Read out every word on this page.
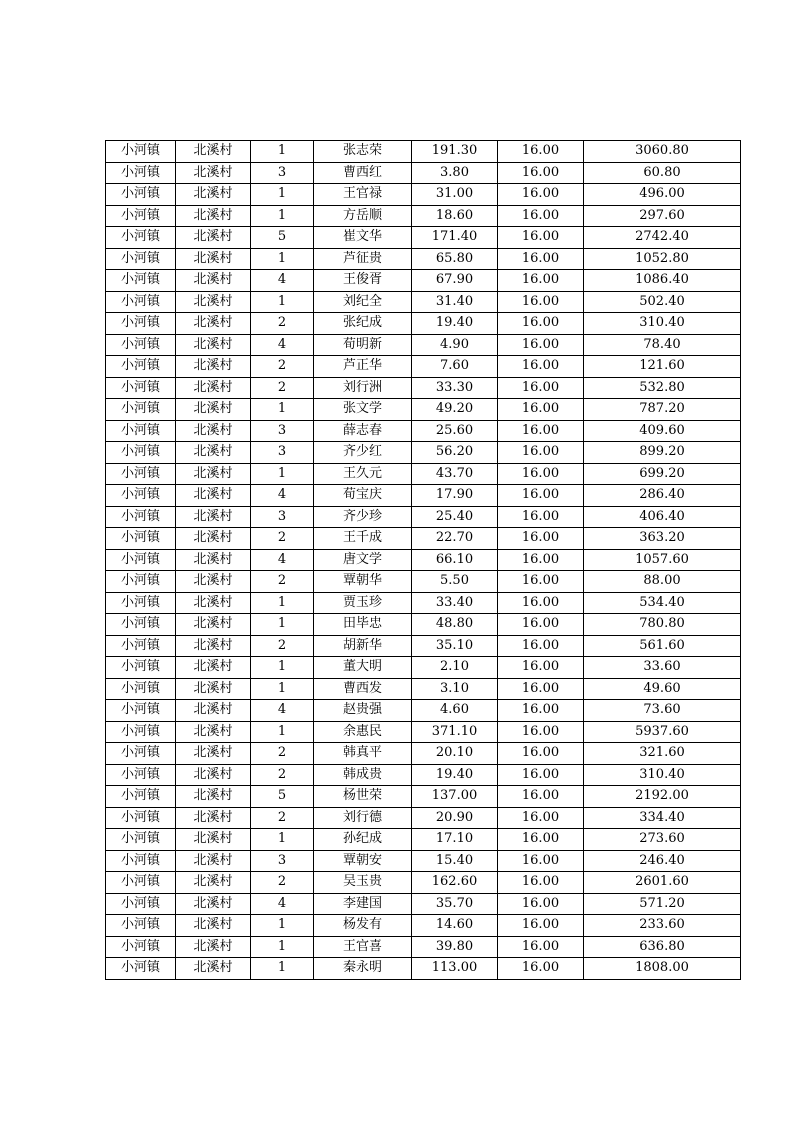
小河镇	北溪村	1	张志荣	191.30	16.00	3060.80
小河镇	北溪村	3	曹西红	3.80	16.00	60.80
小河镇	北溪村	1	王官禄	31.00	16.00	496.00
小河镇	北溪村	1	方岳顺	18.60	16.00	297.60
小河镇	北溪村	5	崔文华	171.40	16.00	2742.40
小河镇	北溪村	1	芦征贵	65.80	16.00	1052.80
小河镇	北溪村	4	王俊胥	67.90	16.00	1086.40
小河镇	北溪村	1	刘纪全	31.40	16.00	502.40
小河镇	北溪村	2	张纪成	19.40	16.00	310.40
小河镇	北溪村	4	荀明新	4.90	16.00	78.40
小河镇	北溪村	2	芦正华	7.60	16.00	121.60
小河镇	北溪村	2	刘行洲	33.30	16.00	532.80
小河镇	北溪村	1	张文学	49.20	16.00	787.20
小河镇	北溪村	3	薛志春	25.60	16.00	409.60
小河镇	北溪村	3	齐少红	56.20	16.00	899.20
小河镇	北溪村	1	王久元	43.70	16.00	699.20
小河镇	北溪村	4	荀宝庆	17.90	16.00	286.40
小河镇	北溪村	3	齐少珍	25.40	16.00	406.40
小河镇	北溪村	2	王千成	22.70	16.00	363.20
小河镇	北溪村	4	唐文学	66.10	16.00	1057.60
小河镇	北溪村	2	覃朝华	5.50	16.00	88.00
小河镇	北溪村	1	贾玉珍	33.40	16.00	534.40
小河镇	北溪村	1	田毕忠	48.80	16.00	780.80
小河镇	北溪村	2	胡新华	35.10	16.00	561.60
小河镇	北溪村	1	董大明	2.10	16.00	33.60
小河镇	北溪村	1	曹西发	3.10	16.00	49.60
小河镇	北溪村	4	赵贵强	4.60	16.00	73.60
小河镇	北溪村	1	余惠民	371.10	16.00	5937.60
小河镇	北溪村	2	韩真平	20.10	16.00	321.60
小河镇	北溪村	2	韩成贵	19.40	16.00	310.40
小河镇	北溪村	5	杨世荣	137.00	16.00	2192.00
小河镇	北溪村	2	刘行德	20.90	16.00	334.40
小河镇	北溪村	1	孙纪成	17.10	16.00	273.60
小河镇	北溪村	3	覃朝安	15.40	16.00	246.40
小河镇	北溪村	2	吴玉贵	162.60	16.00	2601.60
小河镇	北溪村	4	李建国	35.70	16.00	571.20
小河镇	北溪村	1	杨发有	14.60	16.00	233.60
小河镇	北溪村	1	王官喜	39.80	16.00	636.80
小河镇	北溪村	1	秦永明	113.00	16.00	1808.00
